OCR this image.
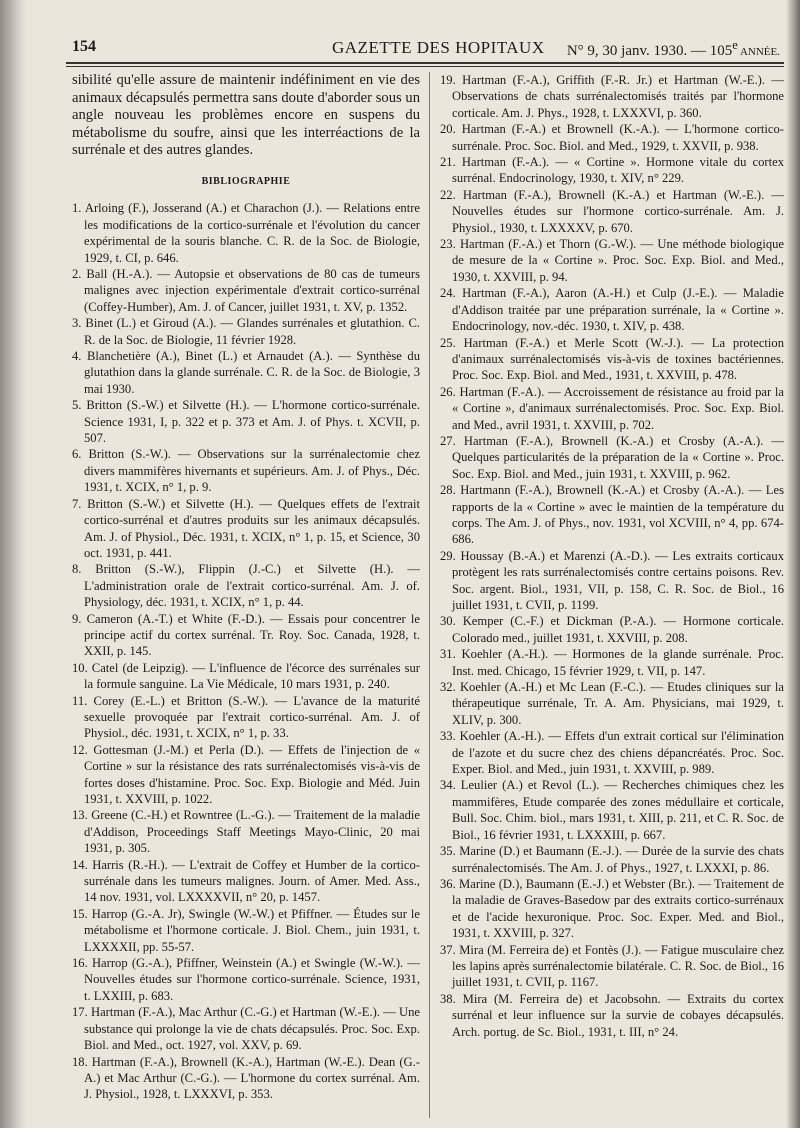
154	GAZETTE DES HOPITAUX N° 9, 30 janv. 1930. — 105e ANNÉE.

sibilité qu'elle assure de maintenir indéfiniment en vie des animaux décapsulés permettra sans doute d'aborder sous un angle nouveau les problèmes encore en suspens du métabolisme du soufre, ainsi que les interréactions de la surrénale et des autres glandes.

BIBLIOGRAPHIE

1. Arloing (F.), Josserand (A.) et Charachon (J.). — Relations entre les modifications de la cortico-surrénale et l'évolution du cancer expérimental de la souris blanche. C. R. de la Soc. de Biologie, 1929, t. CI, p. 646.

2. Ball (H.-A.). — Autopsie et observations de 80 cas de tumeurs malignes avec injection expérimentale d'extrait cortico-surrénal (Coffey-Humber), Am. J. of Cancer, juillet 1931, t. XV, p. 1352.

3. Binet (L.) et Giroud (A.). — Glandes surrénales et glutathion. C. R. de la Soc. de Biologie, 11 février 1928.

4. Blanchetière (A.), Binet (L.) et Arnaudet (A.). — Synthèse du glutathion dans la glande surrénale. C. R. de la Soc. de Biologie, 3 mai 1930.

5. Britton (S.-W.) et Silvette (H.). — L'hormone cortico-surrénale. Science 1931, I, p. 322 et p. 373 et Am. J. of Phys. t. XCVII, p. 507.

6. Britton (S.-W.). — Observations sur la surrénalectomie chez divers mammifères hivernants et supérieurs. Am. J. of Phys., Déc. 1931, t. XCIX, n° 1, p. 9.

7. Britton (S.-W.) et Silvette (H.). — Quelques effets de l'extrait cortico-surrénal et d'autres produits sur les animaux décapsulés. Am. J. of Physiol., Déc. 1931, t. XCIX, n° 1, p. 15, et Science, 30 oct. 1931, p. 441.

8. Britton (S.-W.), Flippin (J.-C.) et Silvette (H.). — L'administration orale de l'extrait cortico-surrénal. Am. J. of. Physiology, déc. 1931, t. XCIX, n° 1, p. 44.

9. Cameron (A.-T.) et White (F.-D.). — Essais pour concentrer le principe actif du cortex surrénal. Tr. Roy. Soc. Canada, 1928, t. XXII, p. 145.

10. Catel (de Leipzig). — L'influence de l'écorce des surrénales sur la formule sanguine. La Vie Médicale, 10 mars 1931, p. 240.

11. Corey (E.-L.) et Britton (S.-W.). — L'avance de la maturité sexuelle provoquée par l'extrait cortico-surrénal. Am. J. of Physiol., déc. 1931, t. XCIX, n° 1, p. 33.

12. Gottesman (J.-M.) et Perla (D.). — Effets de l'injection de « Cortine » sur la résistance des rats surrénalectomisés vis-à-vis de fortes doses d'histamine. Proc. Soc. Exp. Biologie and Méd. Juin 1931, t. XXVIII, p. 1022.

13. Greene (C.-H.) et Rowntree (L.-G.). — Traitement de la maladie d'Addison, Proceedings Staff Meetings Mayo-Clinic, 20 mai 1931, p. 305.

14. Harris (R.-H.). — L'extrait de Coffey et Humber de la cortico-surrénale dans les tumeurs malignes. Journ. of Amer. Med. Ass., 14 nov. 1931, vol. LXXXXVII, n° 20, p. 1457.

15. Harrop (G.-A. Jr), Swingle (W.-W.) et Pfiffner. — Études sur le métabolisme et l'hormone corticale. J. Biol. Chem., juin 1931, t. LXXXXII, pp. 55-57.

16. Harrop (G.-A.), Pfiffner, Weinstein (A.) et Swingle (W.-W.). — Nouvelles études sur l'hormone cortico-surrénale. Science, 1931, t. LXXIII, p. 683.

17. Hartman (F.-A.), Mac Arthur (C.-G.) et Hartman (W.-E.). — Une substance qui prolonge la vie de chats décapsulés. Proc. Soc. Exp. Biol. and Med., oct. 1927, vol. XXV, p. 69.

18. Hartman (F.-A.), Brownell (K.-A.), Hartman (W.-E.). Dean (G.-A.) et Mac Arthur (C.-G.). — L'hormone du cortex surrénal. Am. J. Physiol., 1928, t. LXXXVI, p. 353.

19. Hartman (F.-A.), Griffith (F.-R. Jr.) et Hartman (W.-E.). — Observations de chats surrénalectomisés traités par l'hormone corticale. Am. J. Phys., 1928, t. LXXXVI, p. 360.

20. Hartman (F.-A.) et Brownell (K.-A.). — L'hormone cortico-surrénale. Proc. Soc. Biol. and Med., 1929, t. XXVII, p. 938.

21. Hartman (F.-A.). — « Cortine ». Hormone vitale du cortex surrénal. Endocrinology, 1930, t. XIV, n° 229.

22. Hartman (F.-A.), Brownell (K.-A.) et Hartman (W.-E.). — Nouvelles études sur l'hormone cortico-surrénale. Am. J. Physiol., 1930, t. LXXXXV, p. 670.

23. Hartman (F.-A.) et Thorn (G.-W.). — Une méthode biologique de mesure de la « Cortine ». Proc. Soc. Exp. Biol. and Med., 1930, t. XXVIII, p. 94.

24. Hartman (F.-A.), Aaron (A.-H.) et Culp (J.-E.). — Maladie d'Addison traitée par une préparation surrénale, la « Cortine ». Endocrinology, nov.-déc. 1930, t. XIV, p. 438.

25. Hartman (F.-A.) et Merle Scott (W.-J.). — La protection d'animaux surrénalectomisés vis-à-vis de toxines bactériennes. Proc. Soc. Exp. Biol. and Med., 1931, t. XXVIII, p. 478.

26. Hartman (F.-A.). — Accroissement de résistance au froid par la « Cortine », d'animaux surrénalectomisés. Proc. Soc. Exp. Biol. and Med., avril 1931, t. XXVIII, p. 702.

27. Hartman (F.-A.), Brownell (K.-A.) et Crosby (A.-A.). — Quelques particularités de la préparation de la « Cortine ». Proc. Soc. Exp. Biol. and Med., juin 1931, t. XXVIII, p. 962.

28. Hartmann (F.-A.), Brownell (K.-A.) et Crosby (A.-A.). — Les rapports de la « Cortine » avec le maintien de la température du corps. The Am. J. of Phys., nov. 1931, vol XCVIII, n° 4, pp. 674-686.

29. Houssay (B.-A.) et Marenzi (A.-D.). — Les extraits corticaux protègent les rats surrénalectomisés contre certains poisons. Rev. Soc. argent. Biol., 1931, VII, p. 158, C. R. Soc. de Biol., 16 juillet 1931, t. CVII, p. 1199.

30. Kemper (C.-F.) et Dickman (P.-A.). — Hormone corticale. Colorado med., juillet 1931, t. XXVIII, p. 208.

31. Koehler (A.-H.). — Hormones de la glande surrénale. Proc. Inst. med. Chicago, 15 février 1929, t. VII, p. 147.

32. Koehler (A.-H.) et Mc Lean (F.-C.). — Etudes cliniques sur la thérapeutique surrénale, Tr. A. Am. Physicians, mai 1929, t. XLIV, p. 300.

33. Koehler (A.-H.). — Effets d'un extrait cortical sur l'élimination de l'azote et du sucre chez des chiens dépancréatés. Proc. Soc. Exper. Biol. and Med., juin 1931, t. XXVIII, p. 989.

34. Leulier (A.) et Revol (L.). — Recherches chimiques chez les mammifères, Etude comparée des zones médullaire et corticale, Bull. Soc. Chim. biol., mars 1931, t. XIII, p. 211, et C. R. Soc. de Biol., 16 février 1931, t. LXXXIII, p. 667.

35. Marine (D.) et Baumann (E.-J.). — Durée de la survie des chats surrénalectomisés. The Am. J. of Phys., 1927, t. LXXXI, p. 86.

36. Marine (D.), Baumann (E.-J.) et Webster (Br.). — Traitement de la maladie de Graves-Basedow par des extraits cortico-surrénaux et de l'acide hexuronique. Proc. Soc. Exper. Med. and Biol., 1931, t. XXVIII, p. 327.

37. Mira (M. Ferreira de) et Fontès (J.). — Fatigue musculaire chez les lapins après surrénalectomie bilatérale. C. R. Soc. de Biol., 16 juillet 1931, t. CVII, p. 1167.

38. Mira (M. Ferreira de) et Jacobsohn. — Extraits du cortex surrénal et leur influence sur la survie de cobayes décapsulés. Arch. portug. de Sc. Biol., 1931, t. III, n° 24.
